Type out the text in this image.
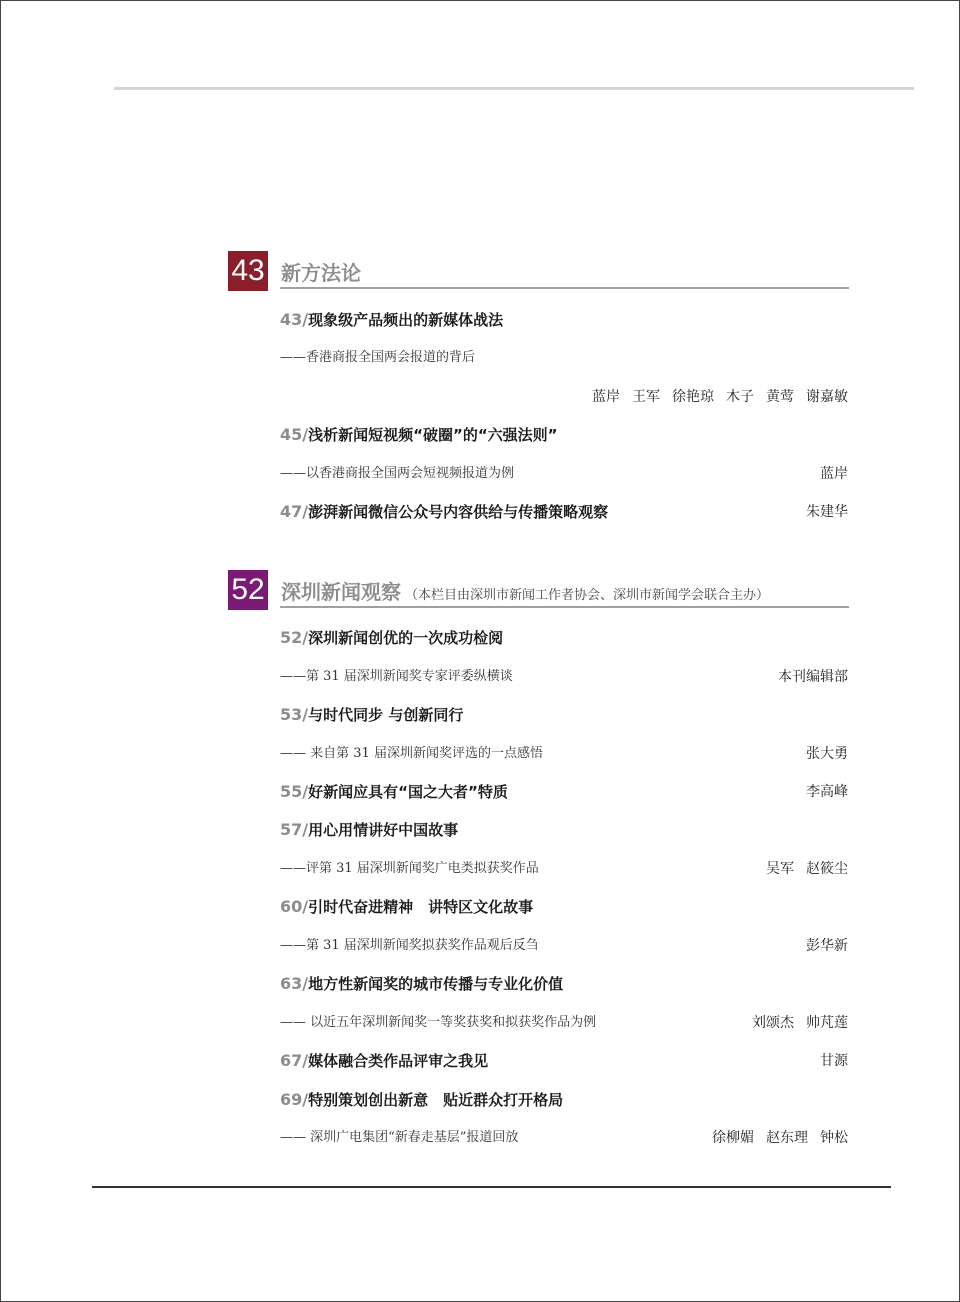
43 新方法论
43/现象级产品频出的新媒体战法
——香港商报全国两会报道的背后
蓝岸 王军 徐艳琼 木子 黄莺 谢嘉敏
45/浅析新闻短视频“破圈”的“六强法则”
——以香港商报全国两会短视频报道为例	蓝岸
47/澎湃新闻微信公众号内容供给与传播策略观察	朱建华
52 深圳新闻观察 （本栏目由深圳市新闻工作者协会、深圳市新闻学会联合主办）
52/深圳新闻创优的一次成功检阅
——第 31 届深圳新闻奖专家评委纵横谈	本刊编辑部
53/与时代同步 与创新同行
—— 来自第 31 届深圳新闻奖评选的一点感悟	张大勇
55/好新闻应具有“国之大者”特质	李高峰
57/用心用情讲好中国故事
——评第 31 届深圳新闻奖广电类拟获奖作品	吴军 赵筱尘
60/引时代奋进精神　讲特区文化故事
——第 31 届深圳新闻奖拟获奖作品观后反刍	彭华新
63/地方性新闻奖的城市传播与专业化价值
—— 以近五年深圳新闻奖一等奖获奖和拟获奖作品为例	刘颂杰 帅芃莲
67/媒体融合类作品评审之我见	甘源
69/特别策划创出新意　贴近群众打开格局
—— 深圳广电集团“新春走基层”报道回放	徐柳媚 赵东理 钟松
